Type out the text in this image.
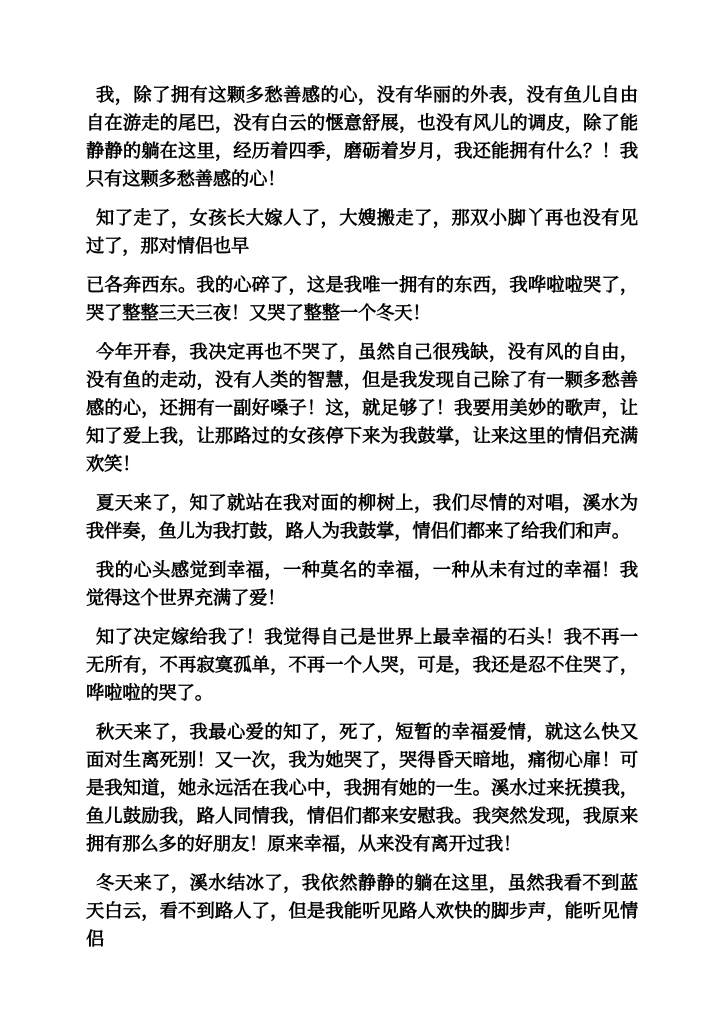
我，除了拥有这颗多愁善感的心，没有华丽的外表，没有鱼儿自由自在游走的尾巴，没有白云的惬意舒展，也没有风儿的调皮，除了能静静的躺在这里，经历着四季，磨砺着岁月，我还能拥有什么？！我只有这颗多愁善感的心！

知了走了，女孩长大嫁人了，大嫂搬走了，那双小脚丫再也没有见过了，那对情侣也早

已各奔西东。我的心碎了，这是我唯一拥有的东西，我哗啦啦哭了，哭了整整三天三夜！又哭了整整一个冬天！

今年开春，我决定再也不哭了，虽然自己很残缺，没有风的自由，没有鱼的走动，没有人类的智慧，但是我发现自己除了有一颗多愁善感的心，还拥有一副好嗓子！这，就足够了！我要用美妙的歌声，让知了爱上我，让那路过的女孩停下来为我鼓掌，让来这里的情侣充满欢笑！

夏天来了，知了就站在我对面的柳树上，我们尽情的对唱，溪水为我伴奏，鱼儿为我打鼓，路人为我鼓掌，情侣们都来了给我们和声。

我的心头感觉到幸福，一种莫名的幸福，一种从未有过的幸福！我觉得这个世界充满了爱！

知了决定嫁给我了！我觉得自己是世界上最幸福的石头！我不再一无所有，不再寂寞孤单，不再一个人哭，可是，我还是忍不住哭了，哗啦啦的哭了。

秋天来了，我最心爱的知了，死了，短暂的幸福爱情，就这么快又面对生离死别！又一次，我为她哭了，哭得昏天暗地，痛彻心扉！可是我知道，她永远活在我心中，我拥有她的一生。溪水过来抚摸我，鱼儿鼓励我，路人同情我，情侣们都来安慰我。我突然发现，我原来拥有那么多的好朋友！原来幸福，从来没有离开过我！

冬天来了，溪水结冰了，我依然静静的躺在这里，虽然我看不到蓝天白云，看不到路人了，但是我能听见路人欢快的脚步声，能听见情侣
